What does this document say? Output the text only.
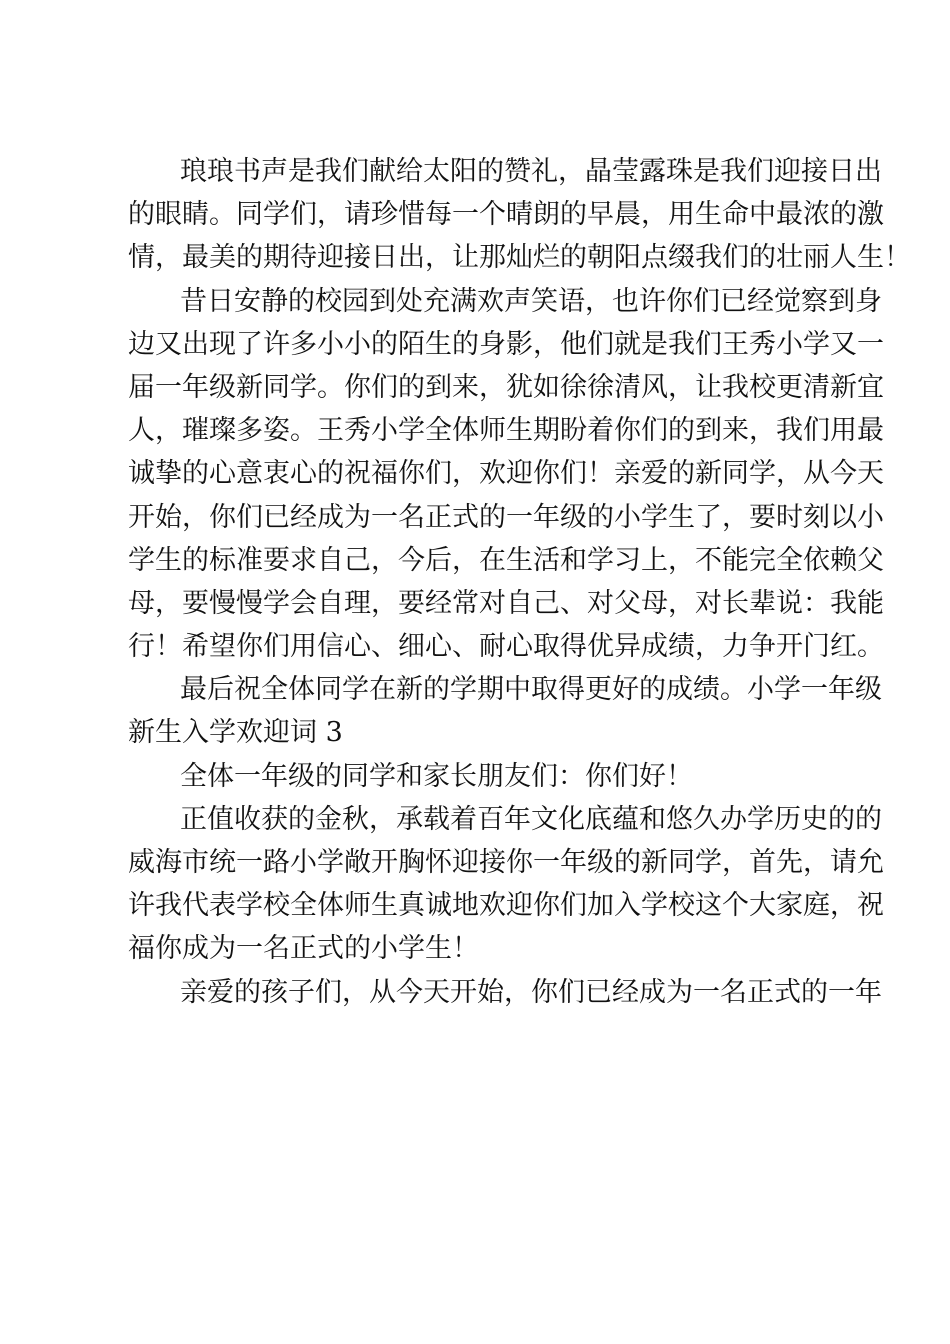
琅琅书声是我们献给太阳的赞礼，晶莹露珠是我们迎接日出
的眼睛。同学们，请珍惜每一个晴朗的早晨，用生命中最浓的激
情，最美的期待迎接日出，让那灿烂的朝阳点缀我们的壮丽人生！
昔日安静的校园到处充满欢声笑语，也许你们已经觉察到身
边又出现了许多小小的陌生的身影，他们就是我们王秀小学又一
届一年级新同学。你们的到来，犹如徐徐清风，让我校更清新宜
人，璀璨多姿。王秀小学全体师生期盼着你们的到来，我们用最
诚挚的心意衷心的祝福你们，欢迎你们！亲爱的新同学，从今天
开始，你们已经成为一名正式的一年级的小学生了，要时刻以小
学生的标准要求自己，今后，在生活和学习上，不能完全依赖父
母，要慢慢学会自理，要经常对自己、对父母，对长辈说：我能
行！希望你们用信心、细心、耐心取得优异成绩，力争开门红。
最后祝全体同学在新的学期中取得更好的成绩。小学一年级
新生入学欢迎词 3
全体一年级的同学和家长朋友们：你们好！
正值收获的金秋，承载着百年文化底蕴和悠久办学历史的的
威海市统一路小学敞开胸怀迎接你一年级的新同学，首先，请允
许我代表学校全体师生真诚地欢迎你们加入学校这个大家庭，祝
福你成为一名正式的小学生！
亲爱的孩子们，从今天开始，你们已经成为一名正式的一年
